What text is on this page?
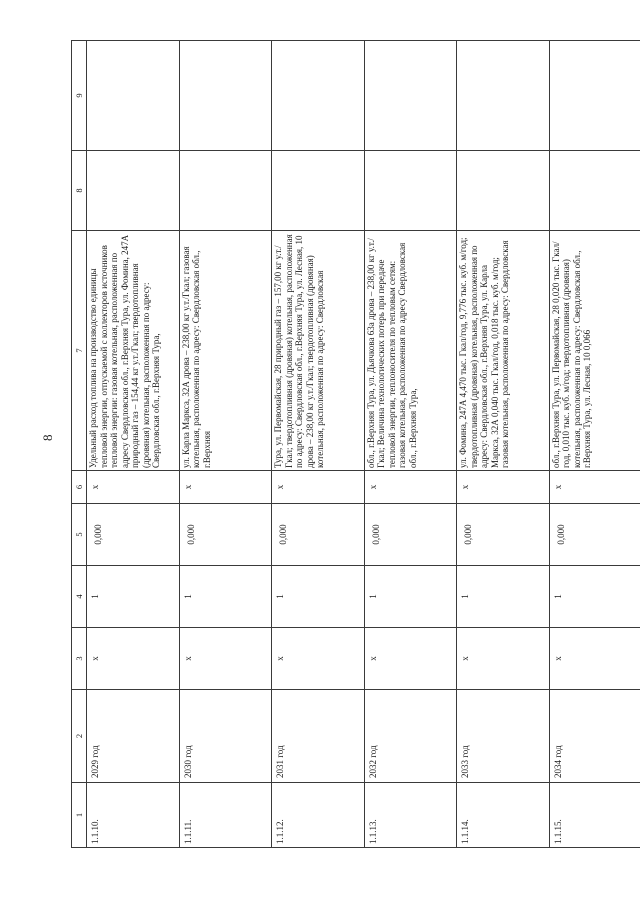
8
1	2	3	4	5	6	7	8	9
1.1.10.	2029 год	х	1	0,000	х	Удельный расход топлива на производство единицы тепловой энергии, отпускаемой с коллекторов источников тепловой энергии: газовая котельная, расположенная по адресу Свердловская обл., г.Верхняя Тура, ул. Фомина, 247А природный газ – 154,44 кг у.т./Гкал; твердотопливная (дровяная) котельная, расположенная по адресу: Свердловская обл., г.Верхняя Тура,		
1.1.11.	2030 год	х	1	0,000	х	ул. Карла Маркса, 32А дрова – 238,00 кг у.т./Гкал; газовая котельная, расположенная по адресу: Свердловская обл., г.Верхняя		
1.1.12.	2031 год	х	1	0,000	х	Тура, ул. Первомайская, 28 природный газ – 157,00 кг у.т./Гкал; твердотопливная (дровяная) котельная, расположенная по адресу: Свердловская обл., г.Верхняя Тура, ул. Лесная, 10 дрова – 238,00 кг у.т./Гкал; твердотопливная (дровяная) котельная, расположенная по адресу: Свердловская		
1.1.13.	2032 год	х	1	0,000	х	обл., г.Верхняя Тура, ул. Дьячкова 63а дрова – 238,00 кг у.т./Гкал; Величина технологических потерь при передаче тепловой энергии, теплоносителя по тепловым сетям: газовая котельная, расположенная по адресу Свердловская обл., г.Верхняя Тура,		
1.1.14.	2033 год	х	1	0,000	х	ул. Фомина, 247А 4,470 тыс. Гкал/год, 9,776 тыс. куб. м/год; твердотопливная (дровяная) котельная, расположенная по адресу: Свердловская обл., г.Верхняя Тура, ул. Карла Маркса, 32А 0,040 тыс. Гкал/год, 0,018 тыс. куб. м/год; газовая котельная, расположенная по адресу: Свердловская		
1.1.15.	2034 год	х	1	0,000	х	обл., г.Верхняя Тура, ул. Первомайская, 28 0,020 тыс. Гкал/год, 0,010 тыс. куб. м/год; твердотопливная (дровяная) котельная, расположенная по адресу: Свердловская обл., г.Верхняя Тура, ул. Лесная, 10 0,066		
